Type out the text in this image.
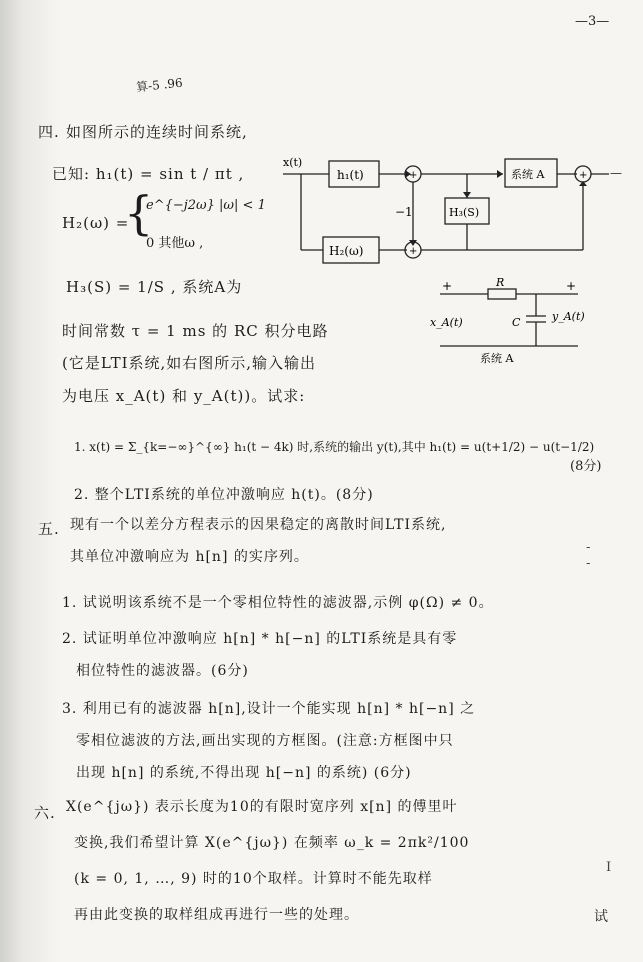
—3—
算-5 .96
四. 如图所示的连续时间系统,
已知: h₁(t) = sin t / πt ,
H₂(ω) =
{
e^{−j2ω} |ω| < 1
0 其他ω ,
H₃(S) = 1/S , 系统A为
时间常数 τ = 1 ms 的 RC 积分电路
(它是LTI系统,如右图所示,输入输出
为电压 x_A(t) 和 y_A(t))。试求:
1. x(t) = Σ_{k=−∞}^{∞} h₁(t − 4k) 时,系统的输出 y(t),其中 h₁(t) = u(t+1/2) − u(t−1/2)
(8分)
2. 整个LTI系统的单位冲激响应 h(t)。(8分)
x(t)
h₁(t)
H₂(ω)
H₃(S)
系统 A
−1
+
+
+ —
+	+
R
C
x_A(t)	y_A(t)
系统 A
五. 现有一个以差分方程表示的因果稳定的离散时间LTI系统,
其单位冲激响应为 h[n] 的实序列。
1. 试说明该系统不是一个零相位特性的滤波器,示例 φ(Ω) ≠ 0。
2. 试证明单位冲激响应 h[n] * h[−n] 的LTI系统是具有零
相位特性的滤波器。(6分)
3. 利用已有的滤波器 h[n],设计一个能实现 h[n] * h[−n] 之
零相位滤波的方法,画出实现的方框图。(注意:方框图中只
出现 h[n] 的系统,不得出现 h[−n] 的系统) (6分)
六. X(e^{jω}) 表示长度为10的有限时宽序列 x[n] 的傅里叶
变换,我们希望计算 X(e^{jω}) 在频率 ω_k = 2πk²/100
(k = 0, 1, …, 9) 时的10个取样。计算时不能先取样
再由此变换的取样组成再进行一些的处理。	试
-
-
I
